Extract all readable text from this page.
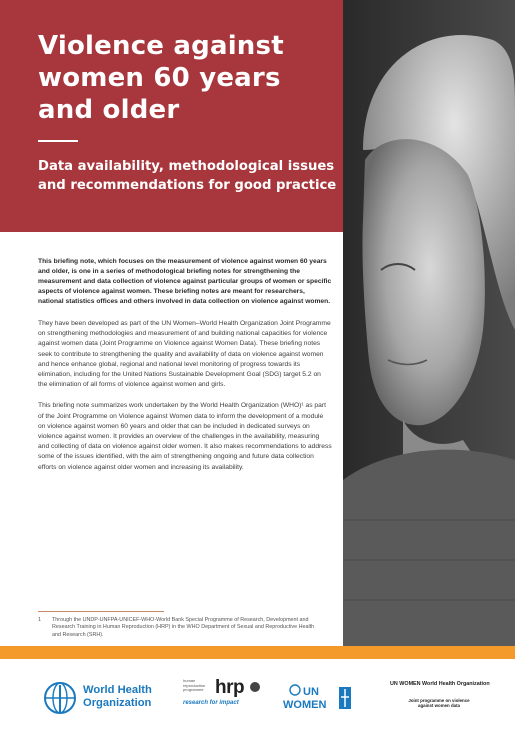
Violence against women 60 years and older
Data availability, methodological issues and recommendations for good practice

This briefing note, which focuses on the measurement of violence against women 60 years and older, is one in a series of methodological briefing notes for strengthening the measurement and data collection of violence against particular groups of women or specific aspects of violence against women. These briefing notes are meant for researchers, national statistics offices and others involved in data collection on violence against women.

They have been developed as part of the UN Women–World Health Organization Joint Programme on strengthening methodologies and measurement of and building national capacities for violence against women data (Joint Programme on Violence against Women Data). These briefing notes seek to contribute to strengthening the quality and availability of data on violence against women and hence enhance global, regional and national level monitoring of progress towards its elimination, including for the United Nations Sustainable Development Goal (SDG) target 5.2 on the elimination of all forms of violence against women and girls.

This briefing note summarizes work undertaken by the World Health Organization (WHO)¹ as part of the Joint Programme on Violence against Women data to inform the development of a module on violence against women 60 years and older that can be included in dedicated surveys on violence against women. It provides an overview of the challenges in the availability, measuring and collecting of data on violence against older women. It also makes recommendations to address some of the issues identified, with the aim of strengthening ongoing and future data collection efforts on violence against older women and increasing its availability.

1 Through the UNDP-UNFPA-UNICEF-WHO-World Bank Special Programme of Research, Development and Research Training in Human Reproduction (HRP) in the WHO Department of Sexual and Reproductive Health and Research (SRH).
World Health Organization
human reproduction programme hrp
research for impact
UN
WOMEN
UN WOMEN World Health Organization
Joint programme on violence against women data
